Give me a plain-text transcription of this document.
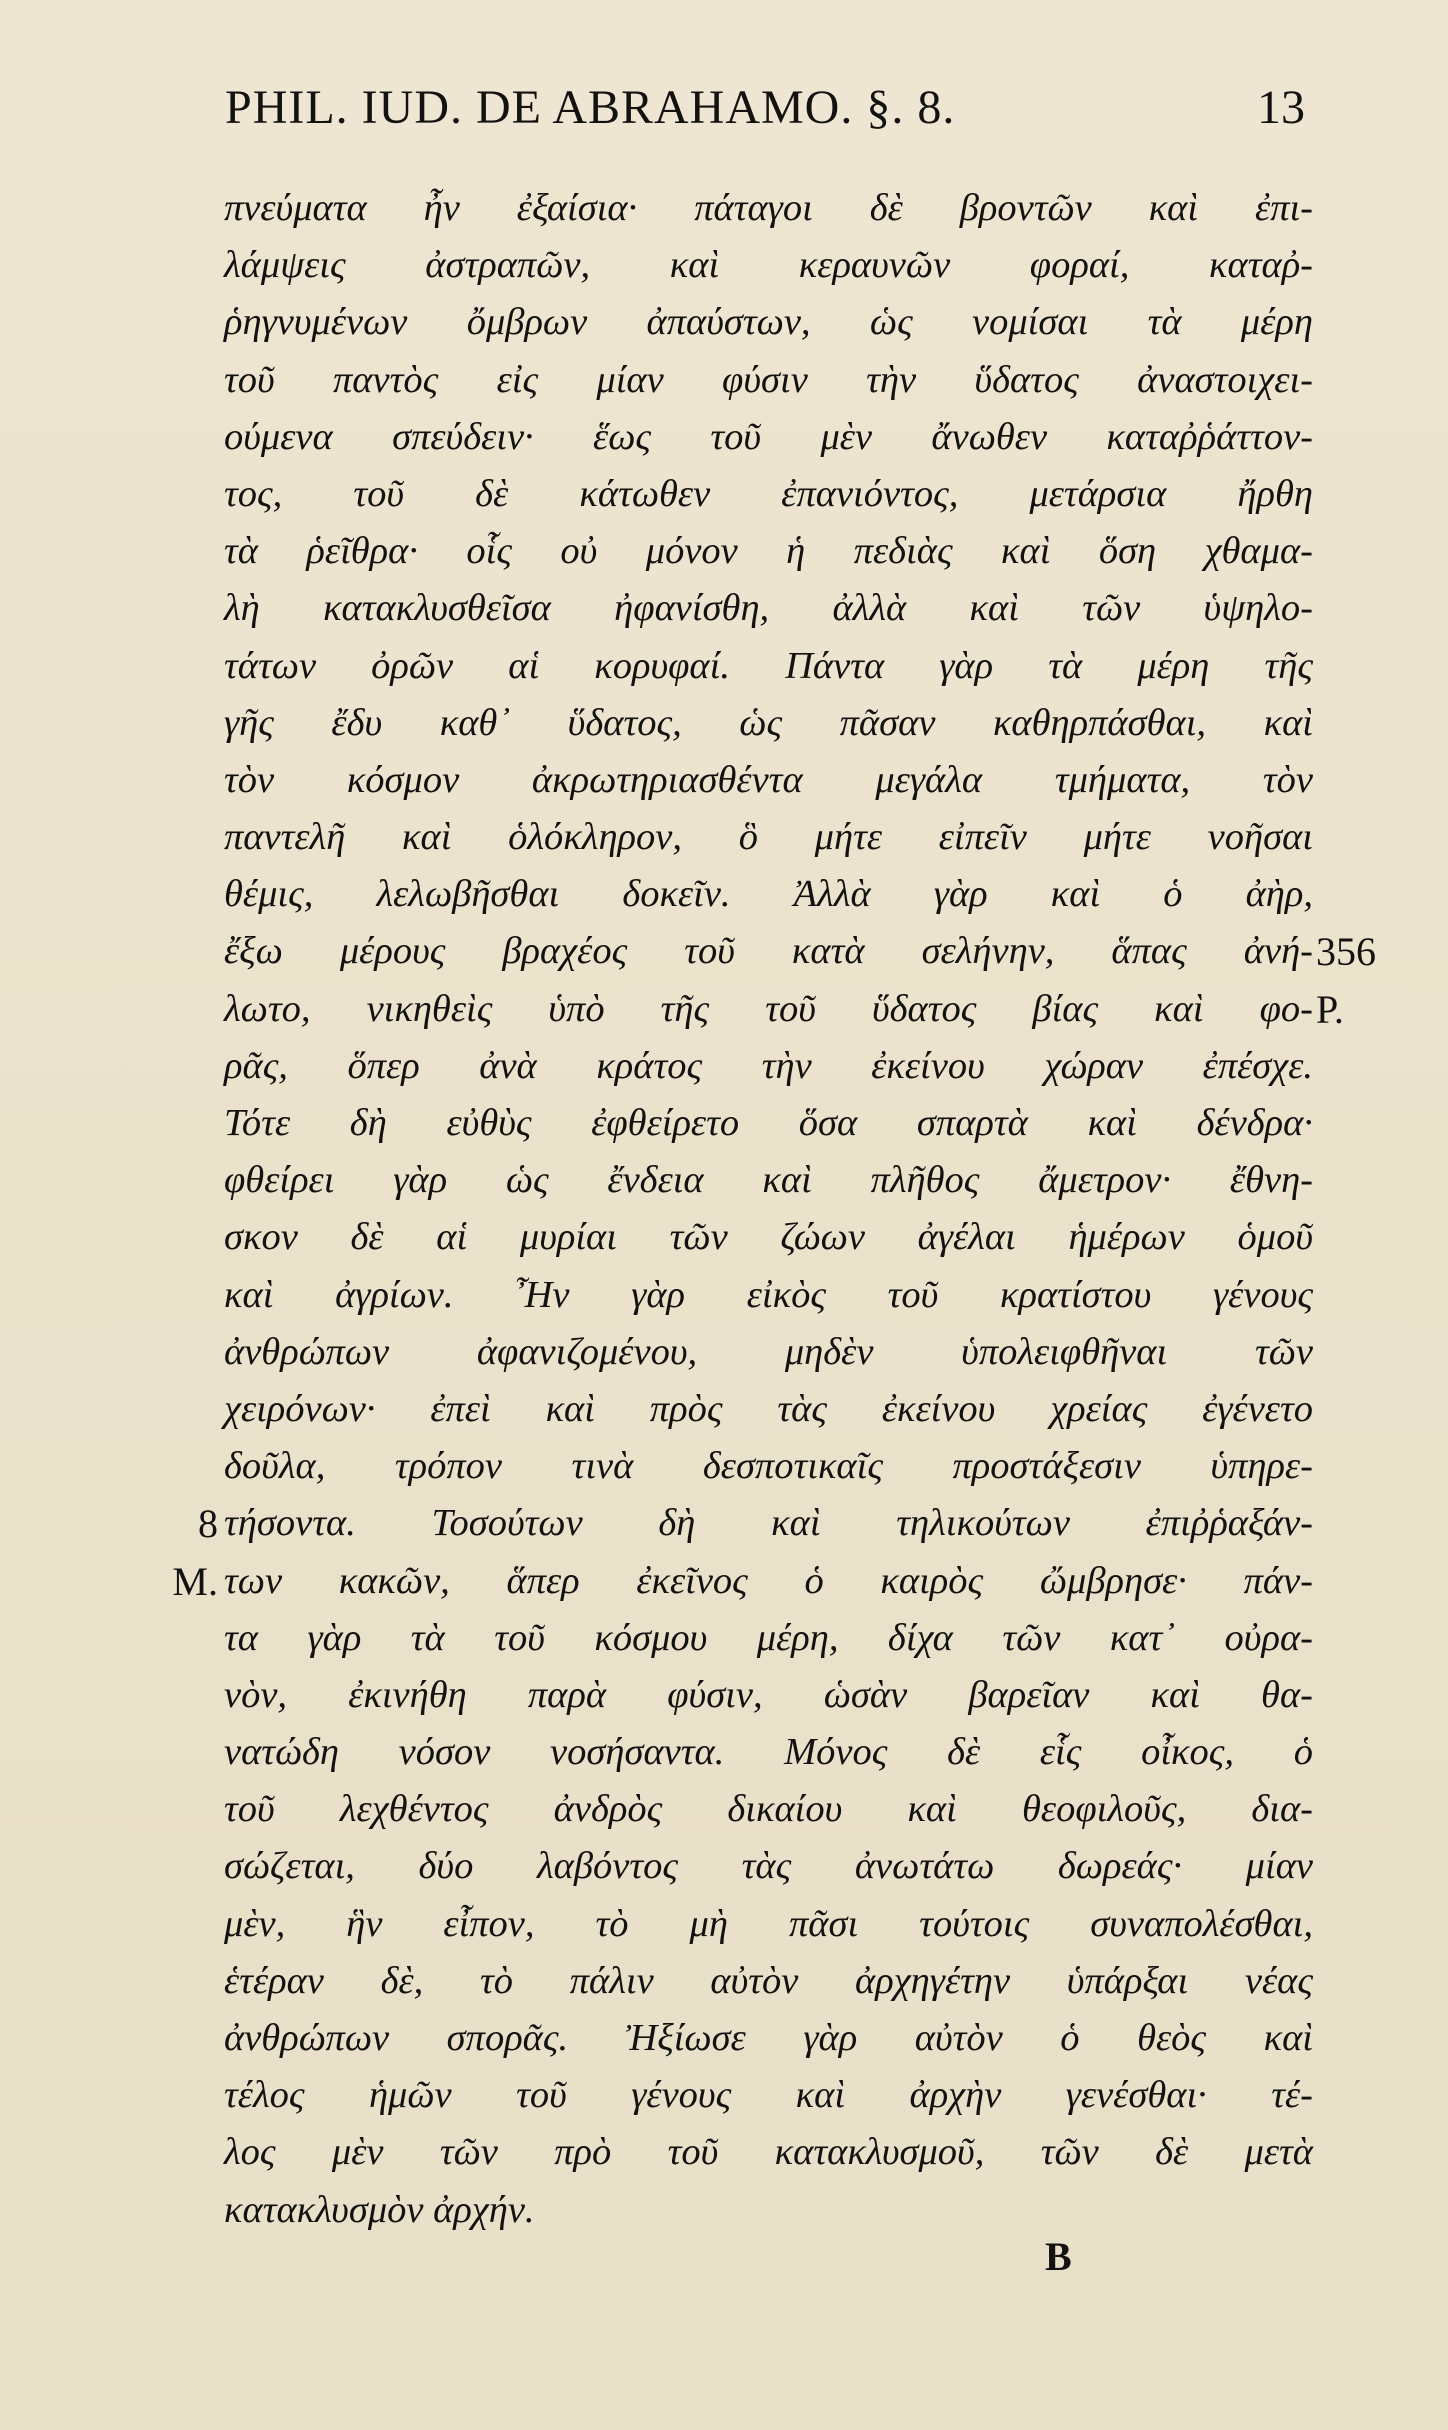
PHIL. IUD. DE ABRAHAMO. §. 8.	13
πνεύματα ἦν ἐξαίσια· πάταγοι δὲ βροντῶν καὶ ἐπι-
λάμψεις ἀστραπῶν, καὶ κεραυνῶν φοραί, καταῤ-
ῥηγνυμένων ὄμβρων ἀπαύστων, ὡς νομίσαι τὰ μέρη
τοῦ παντὸς εἰς μίαν φύσιν τὴν ὕδατος ἀναστοιχει-
ούμενα σπεύδειν· ἕως τοῦ μὲν ἄνωθεν καταῤῥάττον-
τος, τοῦ δὲ κάτωθεν ἐπανιόντος, μετάρσια ἤρθη
τὰ ῥεῖθρα· οἷς οὐ μόνον ἡ πεδιὰς καὶ ὅση χθαμα-
λὴ κατακλυσθεῖσα ἠφανίσθη, ἀλλὰ καὶ τῶν ὑψηλο-
τάτων ὀρῶν αἱ κορυφαί. Πάντα γὰρ τὰ μέρη τῆς
γῆς ἔδυ καθ᾽ ὕδατος, ὡς πᾶσαν καθηρπάσθαι, καὶ
τὸν κόσμον ἀκρωτηριασθέντα μεγάλα τμήματα, τὸν
παντελῆ καὶ ὁλόκληρον, ὃ μήτε εἰπεῖν μήτε νοῆσαι
θέμις, λελωβῆσθαι δοκεῖν. Ἀλλὰ γὰρ καὶ ὁ ἀὴρ,
ἔξω μέρους βραχέος τοῦ κατὰ σελήνην, ἅπας ἀνή- 356
λωτο, νικηθεὶς ὑπὸ τῆς τοῦ ὕδατος βίας καὶ φο- P.
ρᾶς, ὅπερ ἀνὰ κράτος τὴν ἐκείνου χώραν ἐπέσχε.
Τότε δὴ εὐθὺς ἐφθείρετο ὅσα σπαρτὰ καὶ δένδρα·
φθείρει γὰρ ὡς ἔνδεια καὶ πλῆθος ἄμετρον· ἔθνη-
σκον δὲ αἱ μυρίαι τῶν ζώων ἀγέλαι ἡμέρων ὁμοῦ
καὶ ἀγρίων. Ἦν γὰρ εἰκὸς τοῦ κρατίστου γένους
ἀνθρώπων ἀφανιζομένου, μηδὲν ὑπολειφθῆναι τῶν
χειρόνων· ἐπεὶ καὶ πρὸς τὰς ἐκείνου χρείας ἐγένετο
δοῦλα, τρόπον τινὰ δεσποτικαῖς προστάξεσιν ὑπηρε-
8 τήσοντα. Τοσούτων δὴ καὶ τηλικούτων ἐπιῤῥαξάν-
M. των κακῶν, ἅπερ ἐκεῖνος ὁ καιρὸς ὤμβρησε· πάν-
τα γὰρ τὰ τοῦ κόσμου μέρη, δίχα τῶν κατ᾽ οὐρα-
νὸν, ἐκινήθη παρὰ φύσιν, ὡσὰν βαρεῖαν καὶ θα-
νατώδη νόσον νοσήσαντα. Μόνος δὲ εἷς οἶκος, ὁ
τοῦ λεχθέντος ἀνδρὸς δικαίου καὶ θεοφιλοῦς, δια-
σώζεται, δύο λαβόντος τὰς ἀνωτάτω δωρεάς· μίαν
μὲν, ἣν εἶπον, τὸ μὴ πᾶσι τούτοις συναπολέσθαι,
ἑτέραν δὲ, τὸ πάλιν αὐτὸν ἀρχηγέτην ὑπάρξαι νέας
ἀνθρώπων σπορᾶς. Ἠξίωσε γὰρ αὐτὸν ὁ θεὸς καὶ
τέλος ἡμῶν τοῦ γένους καὶ ἀρχὴν γενέσθαι· τέ-
λος μὲν τῶν πρὸ τοῦ κατακλυσμοῦ, τῶν δὲ μετὰ
κατακλυσμὸν ἀρχήν.
B
